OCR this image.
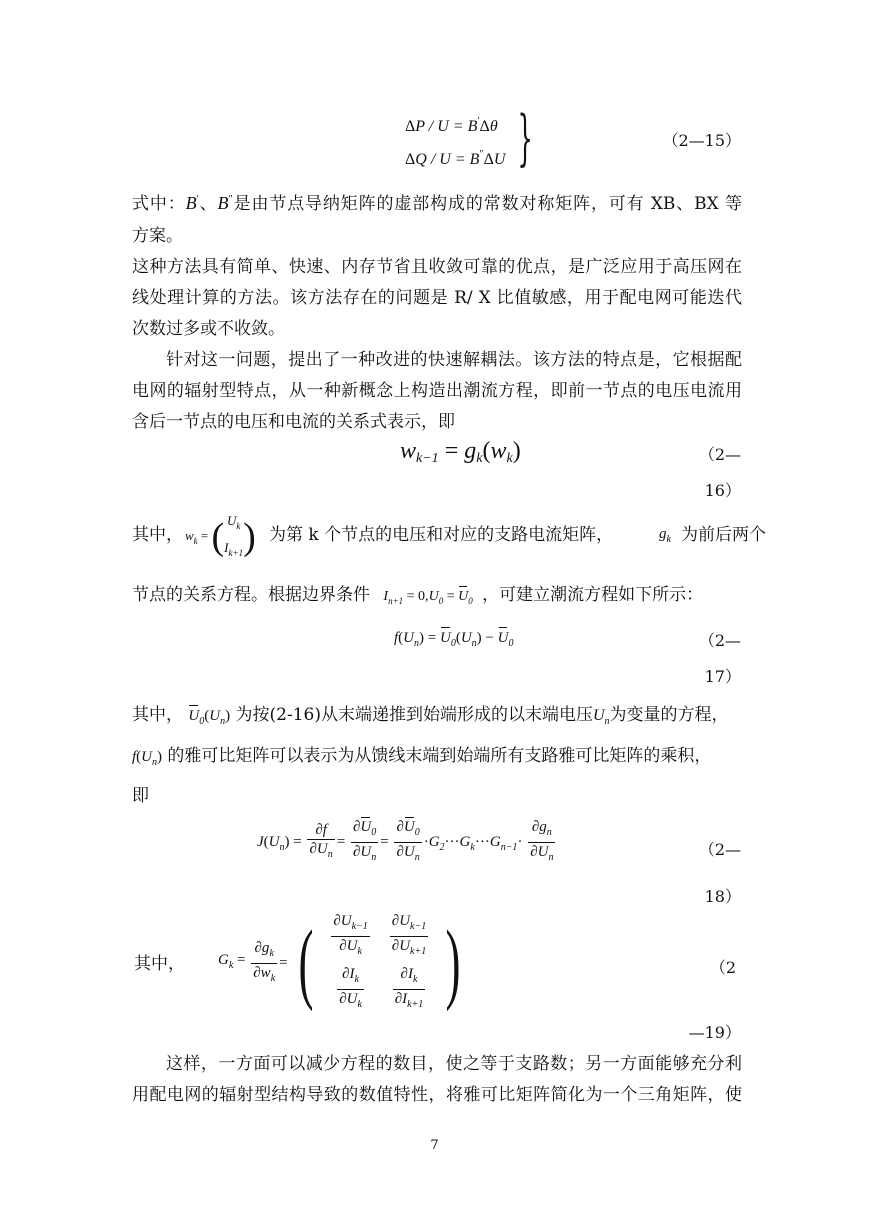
ΔP / U = B′Δθ
ΔQ / U = B″ΔU }	（2—15）
式中：B′、B″是由节点导纳矩阵的虚部构成的常数对称矩阵，可有 XB、BX 等
方案。
这种方法具有简单、快速、内存节省且收敛可靠的优点，是广泛应用于高压网在
线处理计算的方法。该方法存在的问题是 R/ X 比值敏感，用于配电网可能迭代
次数过多或不收敛。
针对这一问题，提出了一种改进的快速解耦法。该方法的特点是，它根据配
电网的辐射型特点，从一种新概念上构造出潮流方程，即前一节点的电压电流用
含后一节点的电压和电流的关系式表示，即
$w_{k-1} = g_k(w_k)$	（2—
16）
其中， $w_k$ = ( $U_k$
$I_{k+1}$ ) 为第 k 个节点的电压和对应的支路电流矩阵，	$g_k$ 为前后两个
节点的关系方程。根据边界条件 $I_{n+1} = 0,U_0 = U_0$ ，可建立潮流方程如下所示：
$f(U_n) = U_0(U_n) - U_0$	（2—
17）
其中， $U_0(U_n)$ 为按(2-16)从末端递推到始端形成的以末端电压$U_n$为变量的方程，
$f(U_n)$ 的雅可比矩阵可以表示为从馈线末端到始端所有支路雅可比矩阵的乘积，
即
$J(U_n) = \frac{\partial f}{\partial U_n} = \frac{\partial U_0}{\partial U_n} = \frac{\partial U_0}{\partial U_n} \cdot G_2\cdot\cdot\cdot G_k\cdot\cdot\cdot G_{n-1}\cdot \frac{\partial g_n}{\partial U_n}$	（2—
18）
其中，	$G_k = \frac{\partial g_k}{\partial w_k}$ = ( $\frac{\partial U_{k-1}}{\partial U_k}$	$\frac{\partial U_{k-1}}{\partial U_{k+1}}$

$\frac{\partial I_k}{\partial U_k}$	$\frac{\partial I_k}{\partial I_{k+1}}$ )	（2
—19）
这样，一方面可以减少方程的数目，使之等于支路数；另一方面能够充分利
用配电网的辐射型结构导致的数值特性，将雅可比矩阵简化为一个三角矩阵，使
7
